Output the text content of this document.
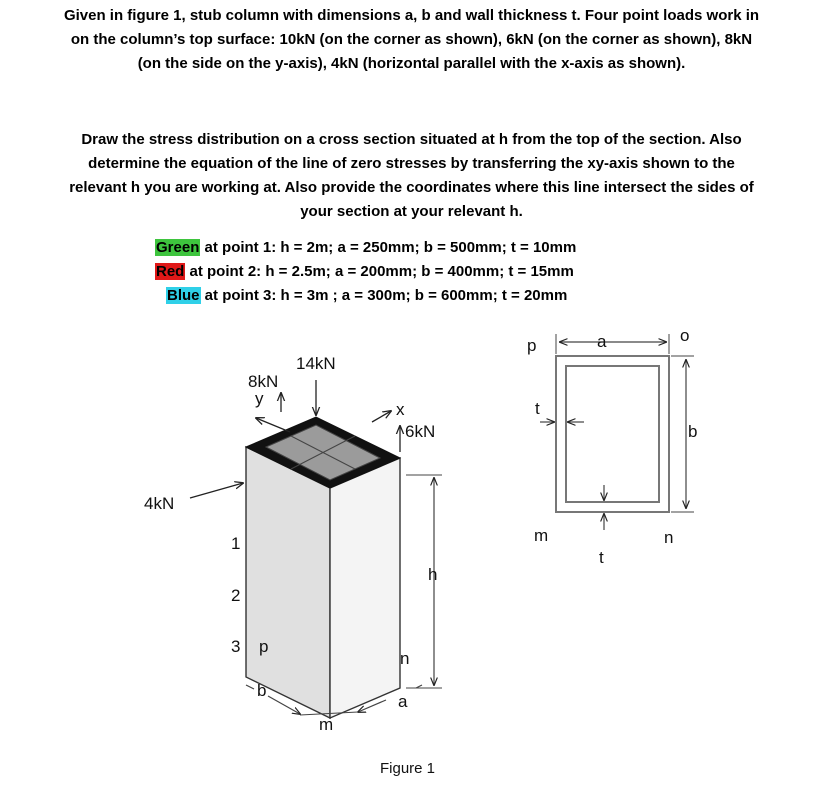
Given in figure 1, stub column with dimensions a, b and wall thickness t. Four point loads work in
on the column’s top surface: 10kN (on the corner as shown), 6kN (on the corner as shown), 8kN
(on the side on the y-axis), 4kN (horizontal parallel with the x-axis as shown).
Draw the stress distribution on a cross section situated at h from the top of the section. Also
determine the equation of the line of zero stresses by transferring the xy-axis shown to the
relevant h you are working at. Also provide the coordinates where this line intersect the sides of
your section at your relevant h.
Green at point 1: h = 2m; a = 250mm; b = 500mm; t = 10mm
Red at point 2: h = 2.5m; a = 200mm; b = 400mm; t = 15mm
Blue at point 3: h = 3m ; a = 300m; b = 600mm; t = 20mm
14kN
8kN
y
x
6kN
4kN
1
2
3 p
b
m
n
a
h
Figure 1
p	a	o
t
b
m	n
t
